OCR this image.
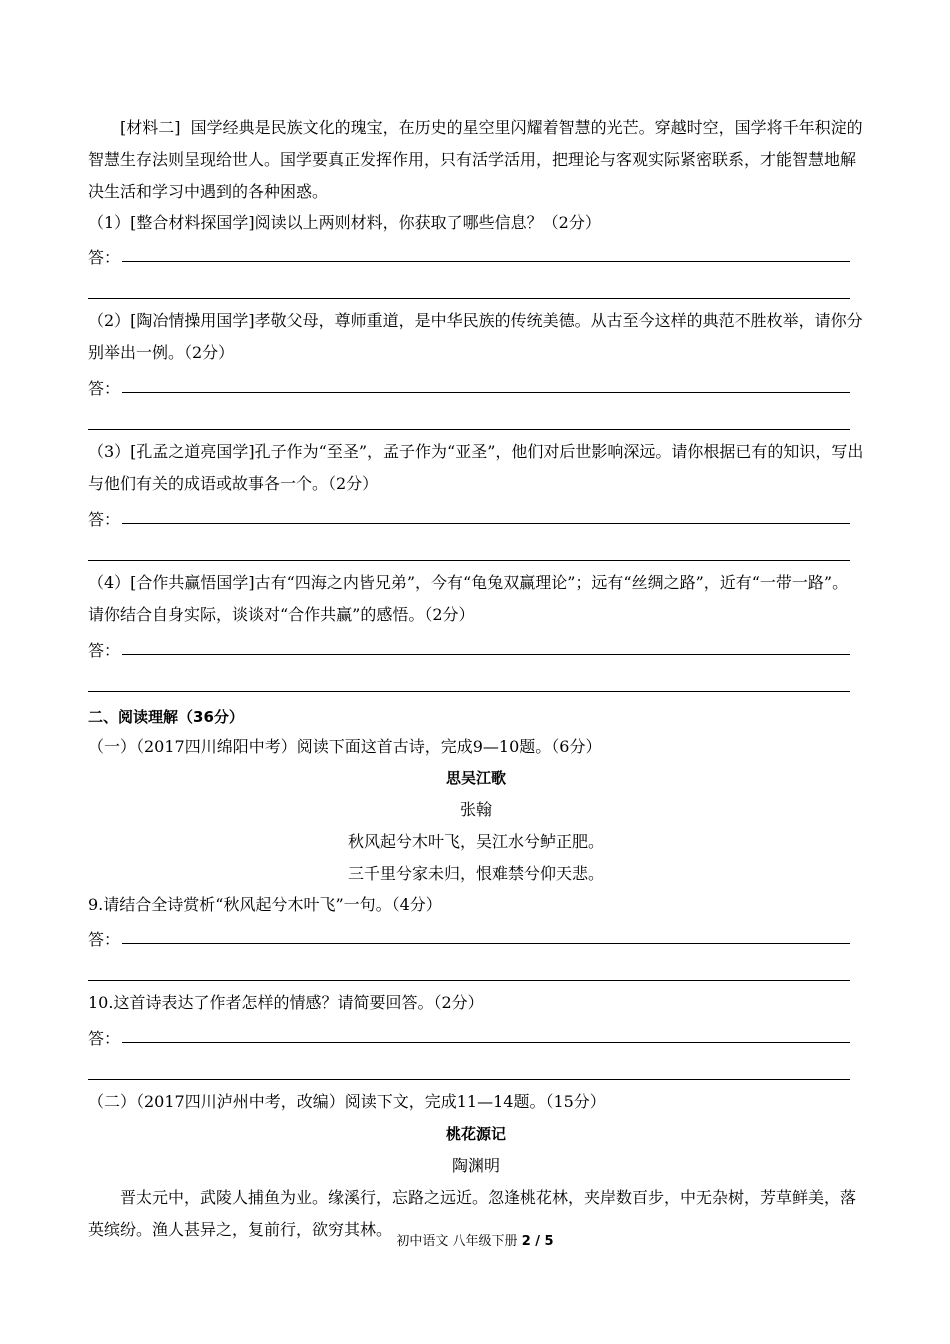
[材料二] 国学经典是民族文化的瑰宝，在历史的星空里闪耀着智慧的光芒。穿越时空，国学将千年积淀的智慧生存法则呈现给世人。国学要真正发挥作用，只有活学活用，把理论与客观实际紧密联系，才能智慧地解决生活和学习中遇到的各种困惑。

（1）[整合材料探国学]阅读以上两则材料，你获取了哪些信息？（2分）

答：

（2）[陶冶情操用国学]孝敬父母，尊师重道，是中华民族的传统美德。从古至今这样的典范不胜枚举，请你分别举出一例。（2分）

答：

（3）[孔孟之道亮国学]孔子作为“至圣”，孟子作为“亚圣”，他们对后世影响深远。请你根据已有的知识，写出与他们有关的成语或故事各一个。（2分）

答：

（4）[合作共赢悟国学]古有“四海之内皆兄弟”，今有“龟兔双赢理论”；远有“丝绸之路”，近有“一带一路”。请你结合自身实际，谈谈对“合作共赢”的感悟。（2分）

答：

二、阅读理解（36分）

（一）（2017四川绵阳中考）阅读下面这首古诗，完成9—10题。（6分）

思吴江歌

张翰

秋风起兮木叶飞，吴江水兮鲈正肥。

三千里兮家未归，恨难禁兮仰天悲。

9.请结合全诗赏析“秋风起兮木叶飞”一句。（4分）

答：

10.这首诗表达了作者怎样的情感？请简要回答。（2分）

答：

（二）（2017四川泸州中考，改编）阅读下文，完成11—14题。（15分）

桃花源记

陶渊明

晋太元中，武陵人捕鱼为业。缘溪行，忘路之远近。忽逢桃花林，夹岸数百步，中无杂树，芳草鲜美，落英缤纷。渔人甚异之，复前行，欲穷其林。

初中语文 八年级下册 2 / 5
